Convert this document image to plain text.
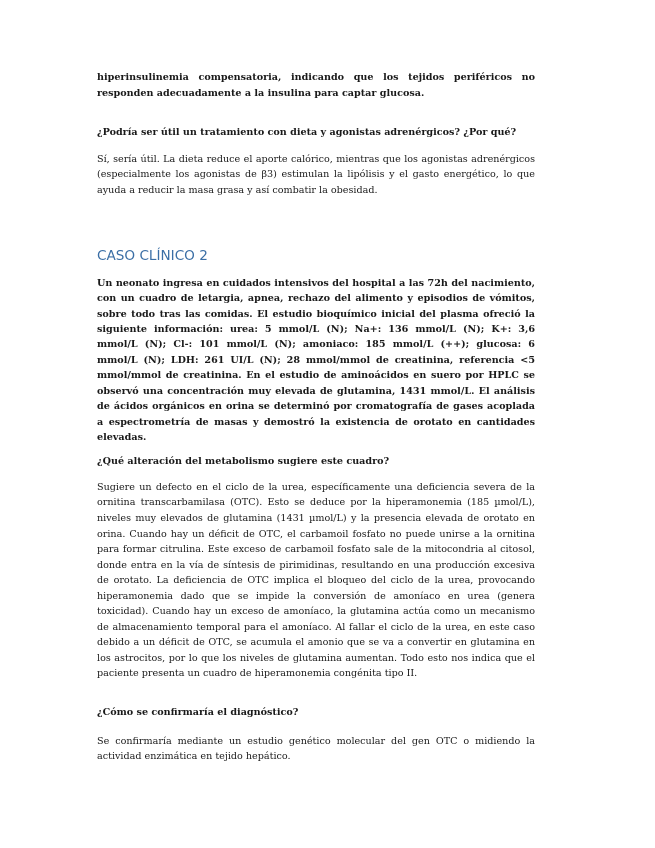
hiperinsulinemia compensatoria, indicando que los tejidos periféricos no responden adecuadamente a la insulina para captar glucosa.

¿Podría ser útil un tratamiento con dieta y agonistas adrenérgicos? ¿Por qué?

Sí, sería útil. La dieta reduce el aporte calórico, mientras que los agonistas adrenérgicos (especialmente los agonistas de β3) estimulan la lipólisis y el gasto energético, lo que ayuda a reducir la masa grasa y así combatir la obesidad.

CASO CLÍNICO 2

Un neonato ingresa en cuidados intensivos del hospital a las 72h del nacimiento, con un cuadro de letargia, apnea, rechazo del alimento y episodios de vómitos, sobre todo tras las comidas. El estudio bioquímico inicial del plasma ofreció la siguiente información: urea: 5 mmol/L (N); Na+: 136 mmol/L (N); K+: 3,6 mmol/L (N); Cl-: 101 mmol/L (N); amoniaco: 185 mmol/L (++); glucosa: 6 mmol/L (N); LDH: 261 UI/L (N); 28 mmol/mmol de creatinina, referencia <5 mmol/mmol de creatinina. En el estudio de aminoácidos en suero por HPLC se observó una concentración muy elevada de glutamina, 1431 mmol/L. El análisis de ácidos orgánicos en orina se determinó por cromatografía de gases acoplada a espectrometría de masas y demostró la existencia de orotato en cantidades elevadas.

¿Qué alteración del metabolismo sugiere este cuadro?

Sugiere un defecto en el ciclo de la urea, específicamente una deficiencia severa de la ornitina transcarbamilasa (OTC). Esto se deduce por la hiperamonemia (185 µmol/L), niveles muy elevados de glutamina (1431 µmol/L) y la presencia elevada de orotato en orina. Cuando hay un déficit de OTC, el carbamoil fosfato no puede unirse a la ornitina para formar citrulina. Este exceso de carbamoil fosfato sale de la mitocondria al citosol, donde entra en la vía de síntesis de pirimidinas, resultando en una producción excesiva de orotato. La deficiencia de OTC implica el bloqueo del ciclo de la urea, provocando hiperamonemia dado que se impide la conversión de amoníaco en urea (genera toxicidad). Cuando hay un exceso de amoníaco, la glutamina actúa como un mecanismo de almacenamiento temporal para el amoníaco. Al fallar el ciclo de la urea, en este caso debido a un déficit de OTC, se acumula el amonio que se va a convertir en glutamina en los astrocitos, por lo que los niveles de glutamina aumentan. Todo esto nos indica que el paciente presenta un cuadro de hiperamonemia congénita tipo II.

¿Cómo se confirmaría el diagnóstico?

Se confirmaría mediante un estudio genético molecular del gen OTC o midiendo la actividad enzimática en tejido hepático.
